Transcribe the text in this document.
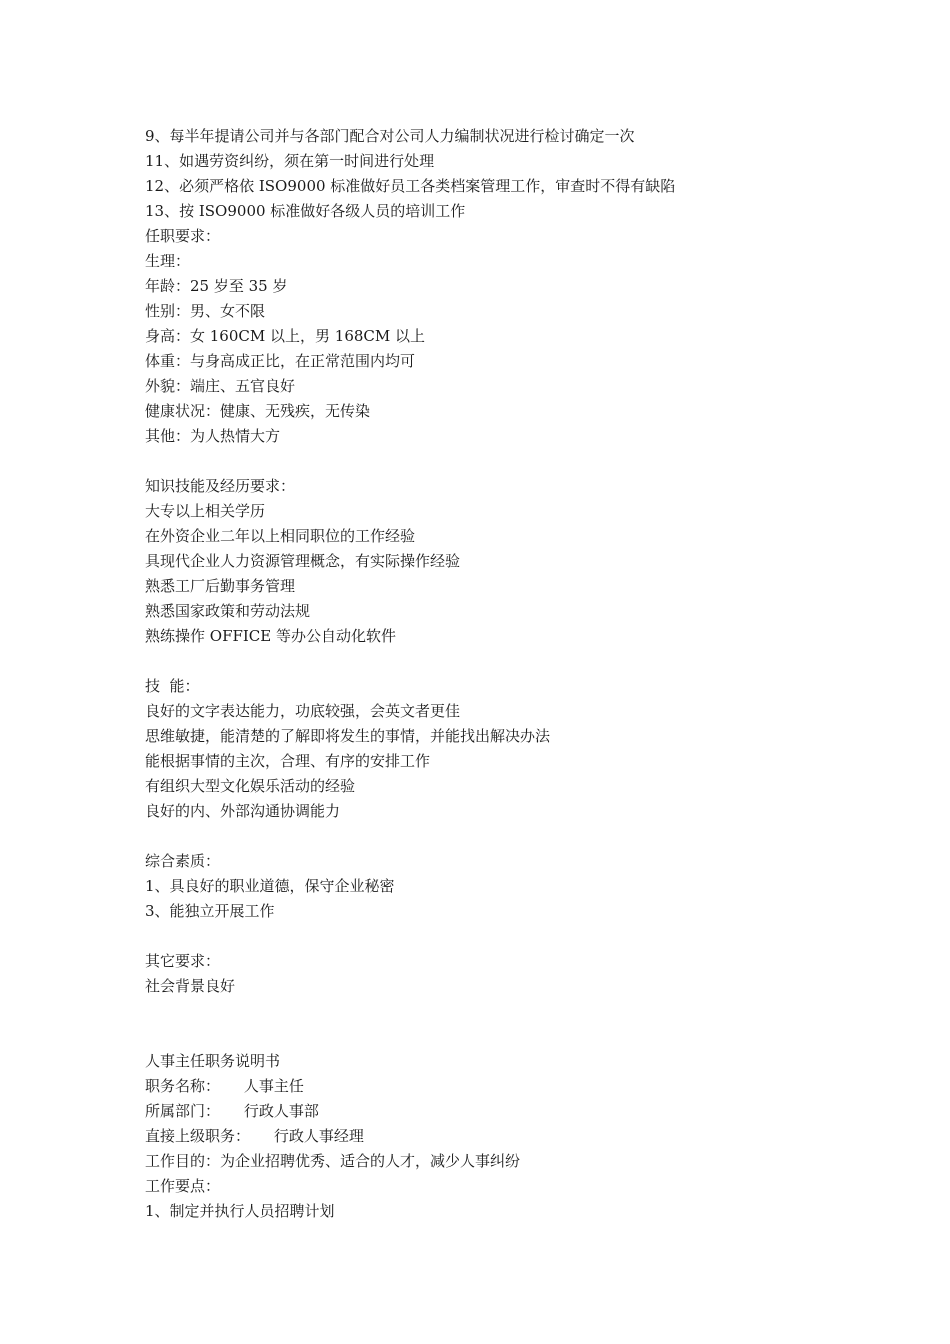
9、每半年提请公司并与各部门配合对公司人力编制状况进行检讨确定一次
11、如遇劳资纠纷，须在第一时间进行处理
12、必须严格依 ISO9000 标准做好员工各类档案管理工作，审查时不得有缺陷
13、按 ISO9000 标准做好各级人员的培训工作
任职要求：
生理：
年龄：25 岁至 35 岁
性别：男、女不限
身高：女 160CM 以上，男 168CM 以上
体重：与身高成正比，在正常范围内均可
外貌：端庄、五官良好
健康状况：健康、无残疾，无传染
其他：为人热情大方
知识技能及经历要求：
大专以上相关学历
在外资企业二年以上相同职位的工作经验
具现代企业人力资源管理概念，有实际操作经验
熟悉工厂后勤事务管理
熟悉国家政策和劳动法规
熟练操作 OFFICE 等办公自动化软件
技  能：
良好的文字表达能力，功底较强，会英文者更佳
思维敏捷，能清楚的了解即将发生的事情，并能找出解决办法
能根据事情的主次，合理、有序的安排工作
有组织大型文化娱乐活动的经验
良好的内、外部沟通协调能力
综合素质：
1、具良好的职业道德，保守企业秘密
3、能独立开展工作
其它要求：
社会背景良好
人事主任职务说明书
职务名称：     人事主任
所属部门：     行政人事部
直接上级职务：     行政人事经理
工作目的：为企业招聘优秀、适合的人才，减少人事纠纷
工作要点：
1、制定并执行人员招聘计划
